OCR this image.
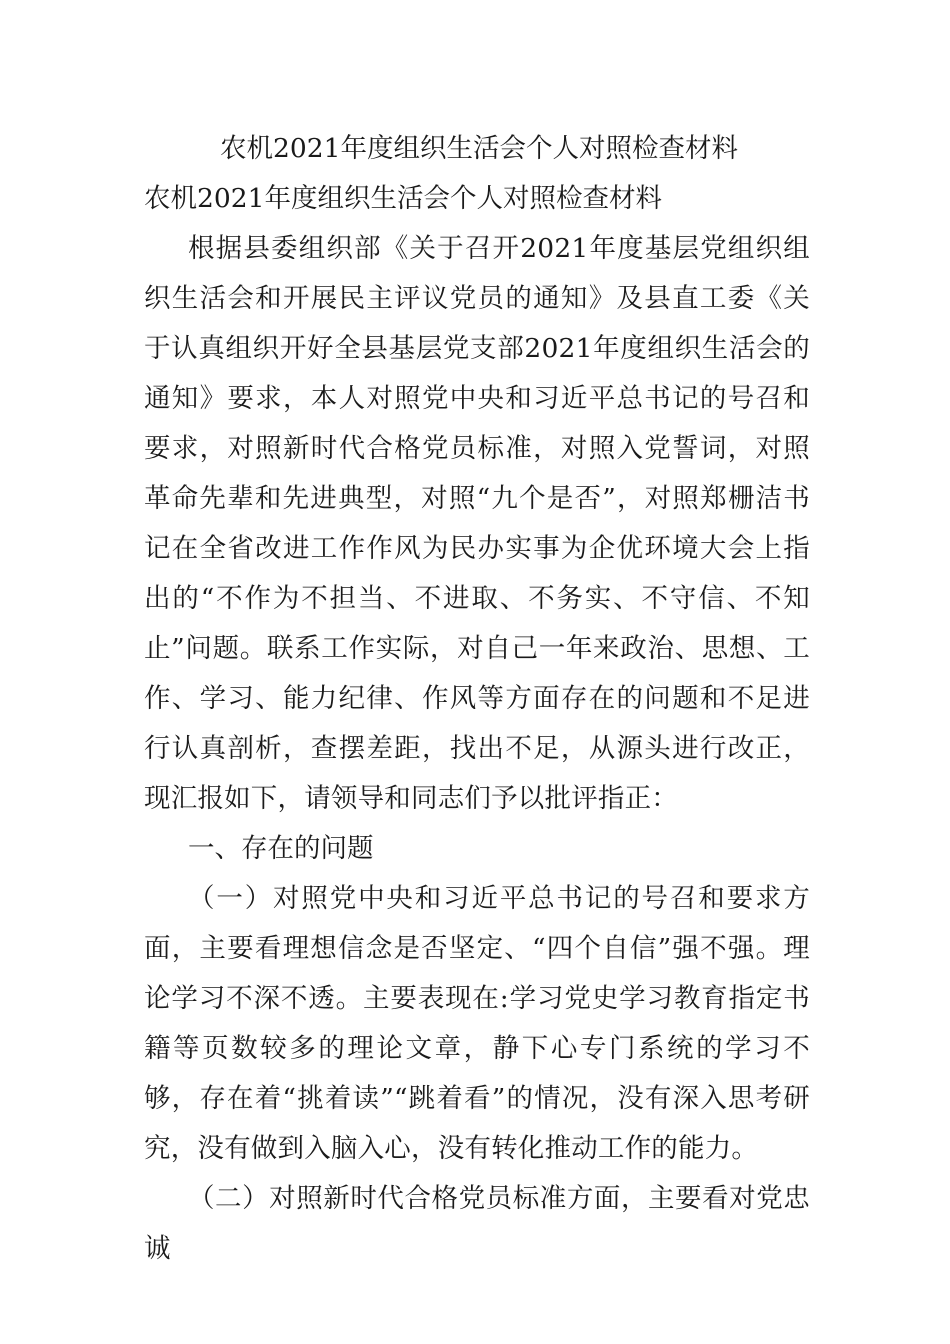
农机2021年度组织生活会个人对照检查材料

农机2021年度组织生活会个人对照检查材料

根据县委组织部《关于召开2021年度基层党组织组织生活会和开展民主评议党员的通知》及县直工委《关于认真组织开好全县基层党支部2021年度组织生活会的通知》要求，本人对照党中央和习近平总书记的号召和要求，对照新时代合格党员标准，对照入党誓词，对照革命先辈和先进典型，对照“九个是否”，对照郑栅洁书记在全省改进工作作风为民办实事为企优环境大会上指出的“不作为不担当、不进取、不务实、不守信、不知止”问题。联系工作实际，对自己一年来政治、思想、工作、学习、能力纪律、作风等方面存在的问题和不足进行认真剖析，查摆差距，找出不足，从源头进行改正，现汇报如下，请领导和同志们予以批评指正：

一、存在的问题

（一）对照党中央和习近平总书记的号召和要求方面，主要看理想信念是否坚定、“四个自信”强不强。理论学习不深不透。主要表现在:学习党史学习教育指定书籍等页数较多的理论文章，静下心专门系统的学习不够，存在着“挑着读”“跳着看”的情况，没有深入思考研究，没有做到入脑入心，没有转化推动工作的能力。

（二）对照新时代合格党员标准方面，主要看对党忠诚
